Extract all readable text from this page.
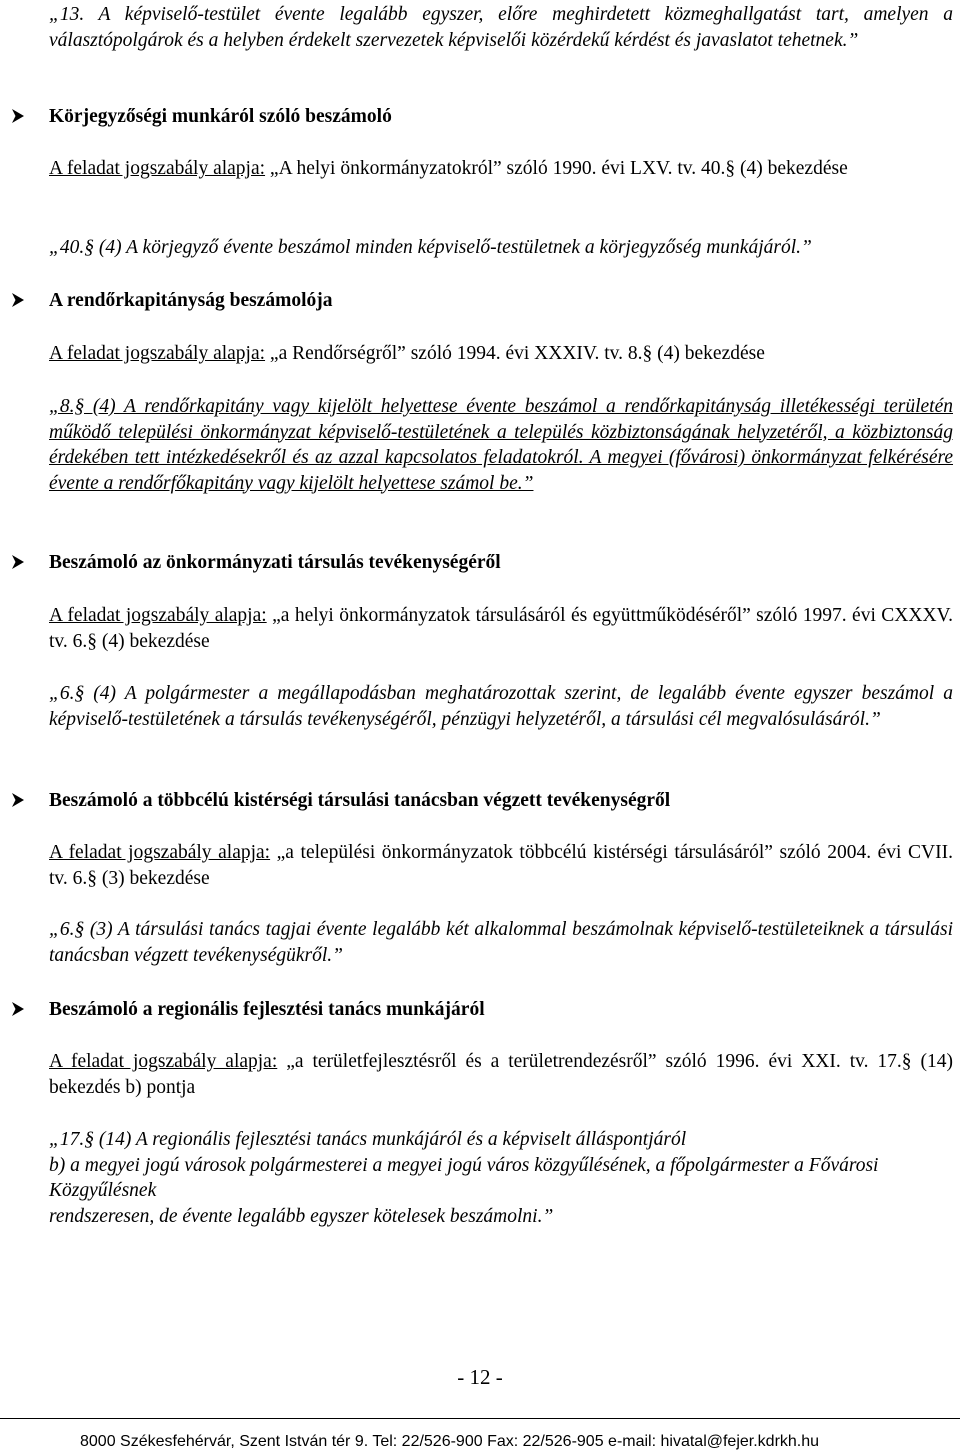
„13. A képviselő-testület évente legalább egyszer, előre meghirdetett közmeghallgatást tart, amelyen a választópolgárok és a helyben érdekelt szervezetek képviselői közérdekű kérdést és javaslatot tehetnek.”
Körjegyzőségi munkáról szóló beszámoló
A feladat jogszabály alapja: „A helyi önkormányzatokról” szóló 1990. évi LXV. tv. 40.§ (4) bekezdése
„40.§ (4) A körjegyző évente beszámol minden képviselő-testületnek a körjegyzőség munkájáról.”
A rendőrkapitányság beszámolója
A feladat jogszabály alapja: „a Rendőrségről” szóló 1994. évi XXXIV. tv. 8.§ (4) bekezdése
„8.§ (4) A rendőrkapitány vagy kijelölt helyettese évente beszámol a rendőrkapitányság illetékességi területén működő települési önkormányzat képviselő-testületének a település közbiztonságának helyzetéről, a közbiztonság érdekében tett intézkedésekről és az azzal kapcsolatos feladatokról. A megyei (fővárosi) önkormányzat felkérésére évente a rendőrfőkapitány vagy kijelölt helyettese számol be.”
Beszámoló az önkormányzati társulás tevékenységéről
A feladat jogszabály alapja: „a helyi önkormányzatok társulásáról és együttműködéséről” szóló 1997. évi CXXXV. tv. 6.§ (4) bekezdése
„6.§ (4) A polgármester a megállapodásban meghatározottak szerint, de legalább évente egyszer beszámol a képviselő-testületének a társulás tevékenységéről, pénzügyi helyzetéről, a társulási cél megvalósulásáról.”
Beszámoló a többcélú kistérségi társulási tanácsban végzett tevékenységről
A feladat jogszabály alapja: „a települési önkormányzatok többcélú kistérségi társulásáról” szóló 2004. évi CVII. tv. 6.§ (3) bekezdése
„6.§ (3) A társulási tanács tagjai évente legalább két alkalommal beszámolnak képviselő-testületeiknek a társulási tanácsban végzett tevékenységükről.”
Beszámoló a regionális fejlesztési tanács munkájáról
A feladat jogszabály alapja: „a területfejlesztésről és a területrendezésről” szóló 1996. évi XXI. tv. 17.§ (14) bekezdés b) pontja
„17.§ (14) A regionális fejlesztési tanács munkájáról és a képviselt álláspontjáról
b) a megyei jogú városok polgármesterei a megyei jogú város közgyűlésének, a főpolgármester a Fővárosi Közgyűlésnek
rendszeresen, de évente legalább egyszer kötelesek beszámolni.”
- 12 -
8000 Székesfehérvár, Szent István tér 9. Tel: 22/526-900 Fax: 22/526-905 e-mail: hivatal@fejer.kdrkh.hu
